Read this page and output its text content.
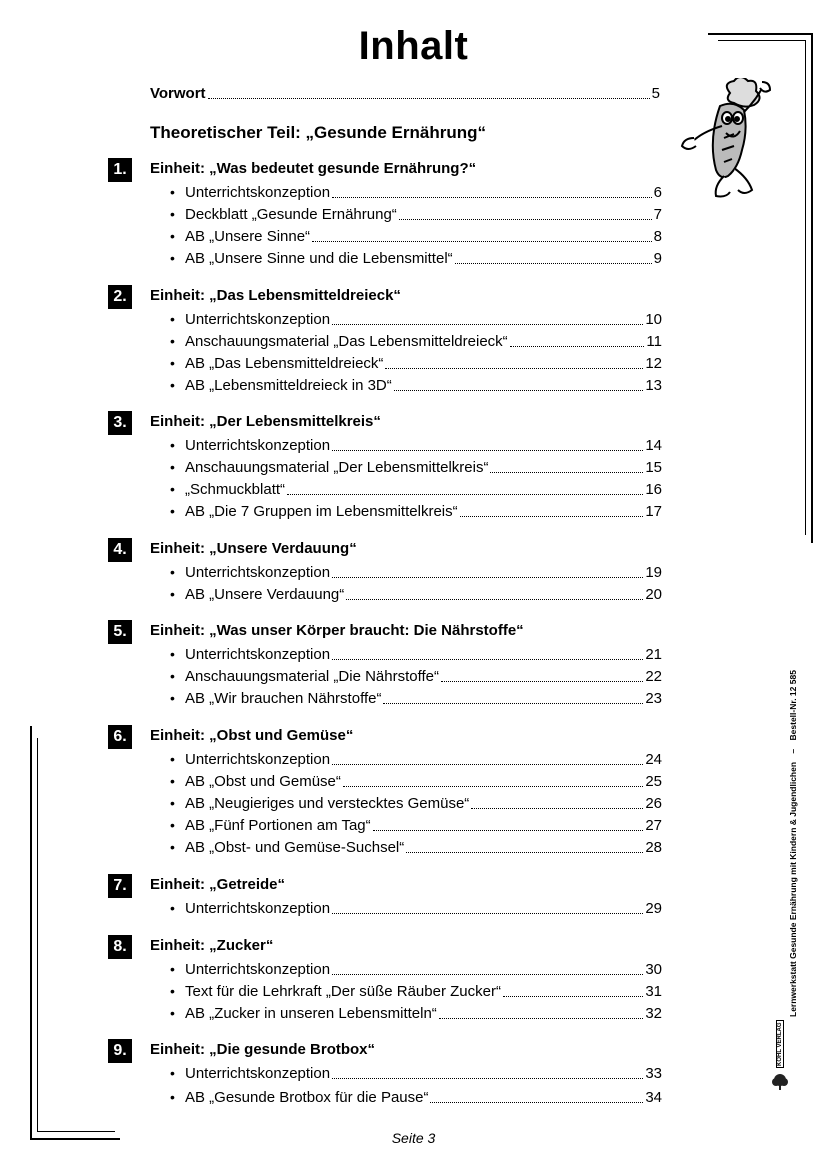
Inhalt
Vorwort	5
Theoretischer Teil: „Gesunde Ernährung“
1.	Einheit: „Was bedeutet gesunde Ernährung?“
• Unterrichtskonzeption	6
• Deckblatt „Gesunde Ernährung“	7
• AB „Unsere Sinne“	8
• AB „Unsere Sinne und die Lebensmittel“	9
2.	Einheit: „Das Lebensmitteldreieck“
• Unterrichtskonzeption	10
• Anschauungsmaterial „Das Lebensmitteldreieck“	11
• AB „Das Lebensmitteldreieck“	12
• AB „Lebensmitteldreieck in 3D“	13
3.	Einheit: „Der Lebensmittelkreis“
• Unterrichtskonzeption	14
• Anschauungsmaterial „Der Lebensmittelkreis“	15
• „Schmuckblatt“	16
• AB „Die 7 Gruppen im Lebensmittelkreis“	17
4.	Einheit: „Unsere Verdauung“
• Unterrichtskonzeption	19
• AB „Unsere Verdauung“	20
5.	Einheit: „Was unser Körper braucht: Die Nährstoffe“
• Unterrichtskonzeption	21
• Anschauungsmaterial „Die Nährstoffe“	22
• AB „Wir brauchen Nährstoffe“	23
6.	Einheit: „Obst und Gemüse“
• Unterrichtskonzeption	24
• AB „Obst und Gemüse“	25
• AB „Neugieriges und verstecktes Gemüse“	26
• AB „Fünf Portionen am Tag“	27
• AB „Obst- und Gemüse-Suchsel“	28
7.	Einheit: „Getreide“
• Unterrichtskonzeption	29
8.	Einheit: „Zucker“
• Unterrichtskonzeption	30
• Text für die Lehrkraft „Der süße Räuber Zucker“	31
• AB „Zucker in unseren Lebensmitteln“	32
9.	Einheit: „Die gesunde Brotbox“
• Unterrichtskonzeption	33
• AB „Gesunde Brotbox für die Pause“	34
Lernwerkstatt Gesunde Ernährung mit Kindern & Jugendlichen – Bestell-Nr. 12 585
KOHL VERLAG
Seite 3
